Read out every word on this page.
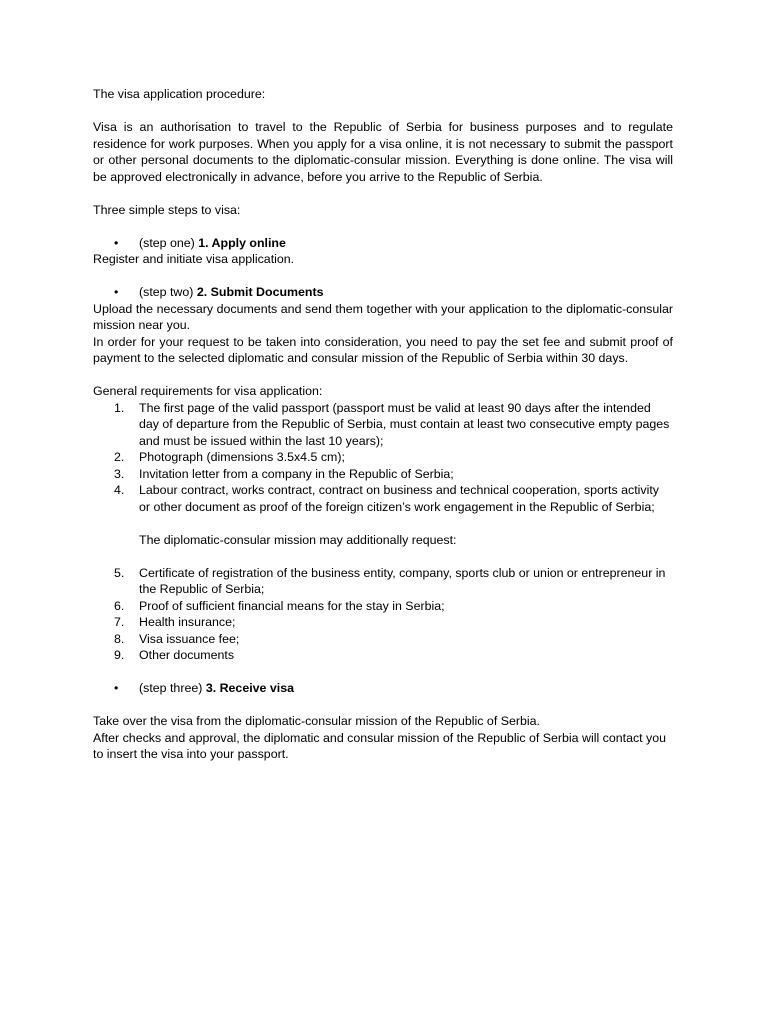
The visa application procedure:

Visa is an authorisation to travel to the Republic of Serbia for business purposes and to regulate residence for work purposes. When you apply for a visa online, it is not necessary to submit the passport or other personal documents to the diplomatic-consular mission. Everything is done online. The visa will be approved electronically in advance, before you arrive to the Republic of Serbia.

Three simple steps to visa:

• (step one) 1. Apply online

Register and initiate visa application.

• (step two) 2. Submit Documents

Upload the necessary documents and send them together with your application to the diplomatic-consular mission near you.

In order for your request to be taken into consideration, you need to pay the set fee and submit proof of payment to the selected diplomatic and consular mission of the Republic of Serbia within 30 days.

General requirements for visa application:

1. The first page of the valid passport (passport must be valid at least 90 days after the intended day of departure from the Republic of Serbia, must contain at least two consecutive empty pages and must be issued within the last 10 years);
2. Photograph (dimensions 3.5x4.5 cm);
3. Invitation letter from a company in the Republic of Serbia;
4. Labour contract, works contract, contract on business and technical cooperation, sports activity or other document as proof of the foreign citizen’s work engagement in the Republic of Serbia;

The diplomatic-consular mission may additionally request:

5. Certificate of registration of the business entity, company, sports club or union or entrepreneur in the Republic of Serbia;
6. Proof of sufficient financial means for the stay in Serbia;
7. Health insurance;
8. Visa issuance fee;
9. Other documents
• (step three) 3. Receive visa

Take over the visa from the diplomatic-consular mission of the Republic of Serbia.

After checks and approval, the diplomatic and consular mission of the Republic of Serbia will contact you to insert the visa into your passport.
